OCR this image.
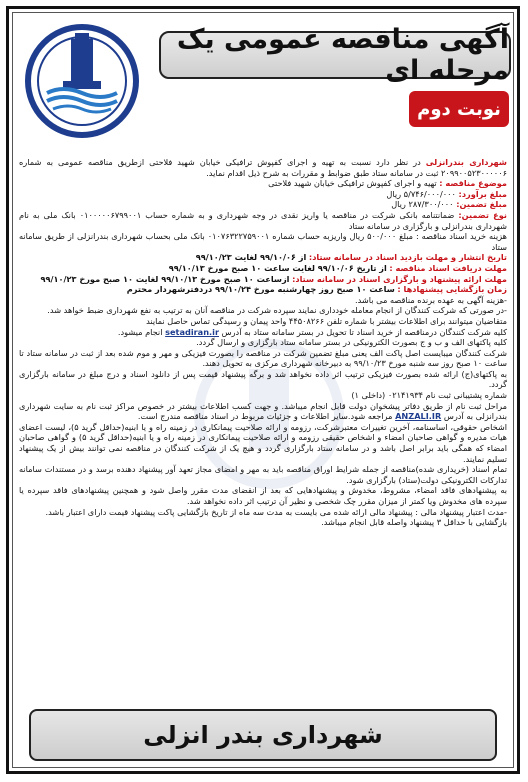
آگهی مناقصه عمومی یک مرحله ای
نوبت دوم

شهرداری بندرانزلی در نظر دارد نسبت به تهیه و اجرای کفپوش ترافیکی خیابان شهید فلاحتی ازطریق مناقصه عمومی به شماره ۲۰۹۹۰۰۵۲۳۰۰۰۰۰۶ ثبت در سامانه ستاد طبق ضوابط و مقررات به شرح ذیل اقدام نماید.

موضوع مناقصه : تهیه و اجرای کفپوش ترافیکی خیابان شهید فلاحتی

مبلغ برآورد: ۵/۷۴۶/۰۰۰/۰۰۰ ریال

مبلغ تضمین: ۲۸۷/۳۰۰/۰۰۰ ریال

نوع تضمین: ضمانتنامه بانکی شرکت در مناقصه یا واریز نقدی در وجه شهرداری و به شماره حساب ۰۱۰۰۰۰۰۶۷۹۹۰۰۱ بانک ملی به نام شهرداری بندرانزلی و بارگزاری در سامانه ستاد

هزینه خرید اسناد مناقصه : مبلغ ۵۰۰/۰۰۰ ریال واریزبه حساب شماره ۰۱۰۷۶۳۲۲۷۵۹۰۰۱ بانک ملی بحساب شهرداری بندرانزلی از طریق سامانه ستاد

تاریخ انتشار و مهلت بازدید اسناد در سامانه ستاد: از ۹۹/۱۰/۰۶ لغایت ۹۹/۱۰/۲۳

مهلت دریافت اسناد مناقصه : از تاریخ ۹۹/۱۰/۰۶ لغایت ساعت ۱۰ صبح مورخ ۹۹/۱۰/۱۳

مهلت ارائه پیشنهاد و بارگزاری اسناد در سامانه ستاد: ازساعت ۱۰ صبح مورخ ۹۹/۱۰/۱۳ لغایت ۱۰ صبح مورخ ۹۹/۱۰/۲۳

زمان بازگشایی پیشنهادها : ساعت ۱۰ صبح روز چهارشنبه مورخ ۹۹/۱۰/۲۴ دردفترشهردار محترم

-هزینه آگهی به عهده برنده مناقصه می باشد.

-در صورتی که شرکت کنندگان از انجام معامله خودداری نمایند سپرده شرکت در مناقصه آنان به ترتیب به نفع شهرداری ضبط خواهد شد.

متقاضیان میتوانند برای اطلاعات بیشتر با شماره تلفن ۴۴۵۰۸۲۶۶ واحد پیمان و رسیدگی تماس حاصل نمایند

کلیه شرکت کنندگان درمناقصه از خرید اسناد تا تحویل در بستر سامانه ستاد به آدرس setadiran.ir انجام میشود.

کلیه پاکتهای الف و ب و ج بصورت الکترونیکی در بستر سامانه ستاد بارگزاری و ارسال گردد.

شرکت کنندگان میبایست اصل پاکت الف یعنی مبلغ تضمین شرکت در مناقصه را بصورت فیزیکی و مهر و موم شده بعد از ثبت در سامانه ستاد تا ساعت ۱۰ صبح روز سه شنبه مورخ ۹۹/۱۰/۲۳ به دبیرخانه شهرداری مرکزی به تحویل دهند.

به پاکتهای(ج) ارائه شده بصورت فیزیکی ترتیب اثر داده نخواهد شد و برگه پیشنهاد قیمت پس از دانلود اسناد و درج مبلغ در سامانه بارگزاری گردد.

شماره پشتیبانی ثبت نام ۰۲۱۴۱۹۳۴ (داخلی ۱)

مراحل ثبت نام از طریق دفاتر پیشخوان دولت قابل انجام میباشد. و جهت کسب اطلاعات بیشتر در خصوص مراکز ثبت نام به سایت شهرداری بندرانزلی به آدرس ANZALI.IR مراجعه شود.سایر اطلاعات و جزئیات مربوط در اسناد مناقصه مندرج است.

اشخاص حقوقی، اساسنامه، آخرین تغییرات معتبرشرکت، رزومه و ارائه صلاحیت پیمانکاری در زمینه راه و یا ابنیه(حداقل گرید ۵)، لیست اعضای هیات مدیره و گواهی صاحبان امضاء و اشخاص حقیقی رزومه و ارائه صلاحیت پیمانکاری در زمینه راه و یا ابنیه(حداقل گرید ۵) و گواهی صاحبان امضاء که همگی باید برابر اصل باشد و در سامانه ستاد بارگزاری گردد و هیچ یک از شرکت کنندگان در مناقصه نمی توانند بیش از یک پیشنهاد تسلیم نمایند.

تمام اسناد (خریداری شده)مناقصه از جمله شرایط اوراق مناقصه باید به مهر و امضای مجاز تعهد آور پیشنهاد دهنده برسد و در مستندات سامانه تدارکات الکترونیکی دولت(ستاد) بارگزاری شود.

به پیشنهادهای فاقد امضاء، مشروط، مخدوش و پیشنهادهایی که بعد از انقضای مدت مقرر واصل شود و همچنین پیشنهادهای فاقد سپرده یا سپرده های مخدوش ویا کمتر از میزان مقرر چک شخصی و نظیر آن ترتیب اثر داده نخواهد شد.

-مدت اعتبار پیشنهاد مالی : پیشنهاد مالی ارائه شده می بایست به مدت سه ماه از تاریخ بازگشایی پاکت پیشنهاد قیمت دارای اعتبار باشد.

بازگشایی با حداقل ۳ پیشنهاد واصله قابل انجام میباشد.

شهرداری بندر انزلی
